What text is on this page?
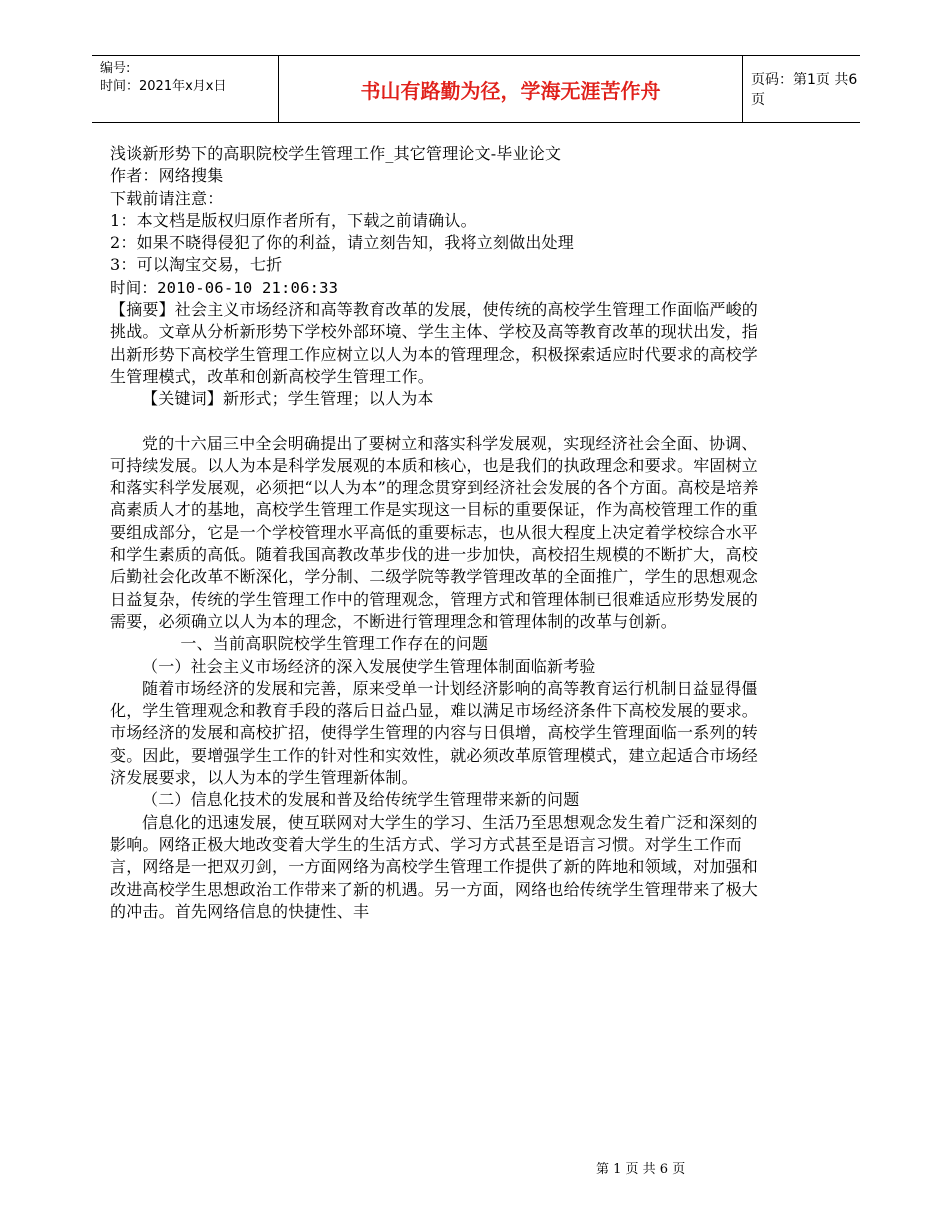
编号:
时间：2021年x月x日	书山有路勤为径，学海无涯苦作舟	页码：第1页 共6页

浅谈新形势下的高职院校学生管理工作_其它管理论文-毕业论文

作者：网络搜集

下载前请注意：

1：本文档是版权归原作者所有，下载之前请确认。

2：如果不晓得侵犯了你的利益，请立刻告知，我将立刻做出处理

3：可以淘宝交易，七折

时间：2010-06-10 21:06:33

【摘要】社会主义市场经济和高等教育改革的发展，使传统的高校学生管理工作面临严峻的挑战。文章从分析新形势下学校外部环境、学生主体、学校及高等教育改革的现状出发，指出新形势下高校学生管理工作应树立以人为本的管理理念，积极探索适应时代要求的高校学生管理模式，改革和创新高校学生管理工作。

【关键词】新形式；学生管理；以人为本

党的十六届三中全会明确提出了要树立和落实科学发展观，实现经济社会全面、协调、可持续发展。以人为本是科学发展观的本质和核心，也是我们的执政理念和要求。牢固树立和落实科学发展观，必须把“以人为本”的理念贯穿到经济社会发展的各个方面。高校是培养高素质人才的基地，高校学生管理工作是实现这一目标的重要保证，作为高校管理工作的重要组成部分，它是一个学校管理水平高低的重要标志，也从很大程度上决定着学校综合水平和学生素质的高低。随着我国高教改革步伐的进一步加快，高校招生规模的不断扩大，高校后勤社会化改革不断深化，学分制、二级学院等教学管理改革的全面推广，学生的思想观念日益复杂，传统的学生管理工作中的管理观念，管理方式和管理体制已很难适应形势发展的需要，必须确立以人为本的理念，不断进行管理理念和管理体制的改革与创新。

一、当前高职院校学生管理工作存在的问题

（一）社会主义市场经济的深入发展使学生管理体制面临新考验

随着市场经济的发展和完善，原来受单一计划经济影响的高等教育运行机制日益显得僵化，学生管理观念和教育手段的落后日益凸显，难以满足市场经济条件下高校发展的要求。市场经济的发展和高校扩招，使得学生管理的内容与日俱增，高校学生管理面临一系列的转变。因此，要增强学生工作的针对性和实效性，就必须改革原管理模式，建立起适合市场经济发展要求，以人为本的学生管理新体制。

（二）信息化技术的发展和普及给传统学生管理带来新的问题

信息化的迅速发展，使互联网对大学生的学习、生活乃至思想观念发生着广泛和深刻的影响。网络正极大地改变着大学生的生活方式、学习方式甚至是语言习惯。对学生工作而言，网络是一把双刃剑，一方面网络为高校学生管理工作提供了新的阵地和领域，对加强和改进高校学生思想政治工作带来了新的机遇。另一方面，网络也给传统学生管理带来了极大的冲击。首先网络信息的快捷性、丰

第 1 页 共 6 页
